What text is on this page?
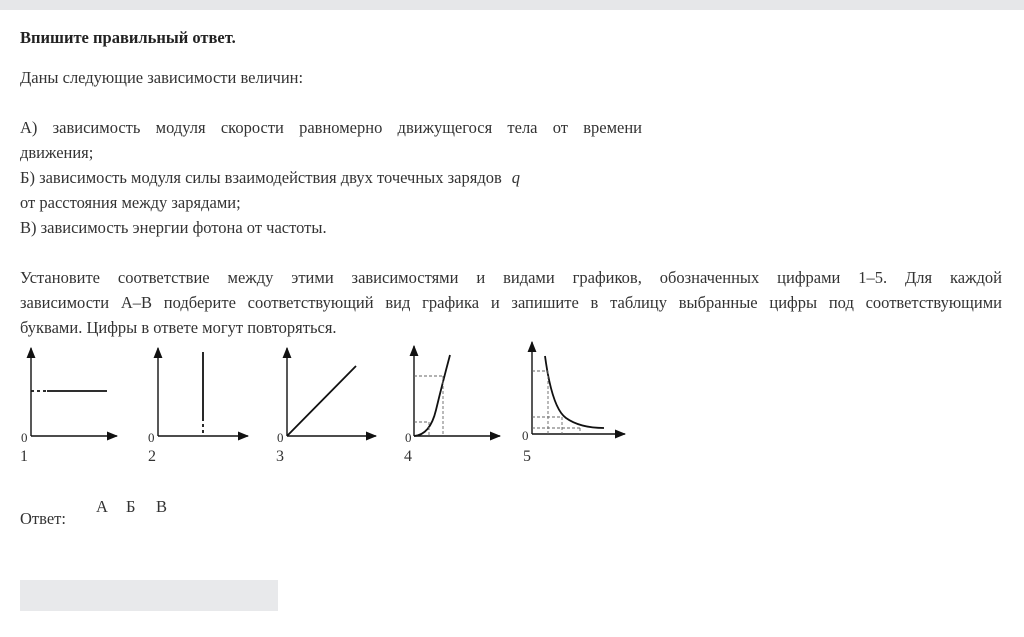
Впишите правильный ответ.
Даны следующие зависимости величин:
А) зависимость модуля скорости равномерно движущегося тела от времени
движения;
Б) зависимость модуля силы взаимодействия двух точечных зарядов q
от расстояния между зарядами;
В) зависимость энергии фотона от частоты.
Установите соответствие между этими зависимостями и видами графиков, обозначенных цифрами 1–5. Для каждой
зависимости А–В подберите соответствующий вид графика и запишите в таблицу выбранные цифры под соответствующими
буквами. Цифры в ответе могут повторяться.
0
1
0
2
0
3
0
4
0
5
Ответ:
А Б В
